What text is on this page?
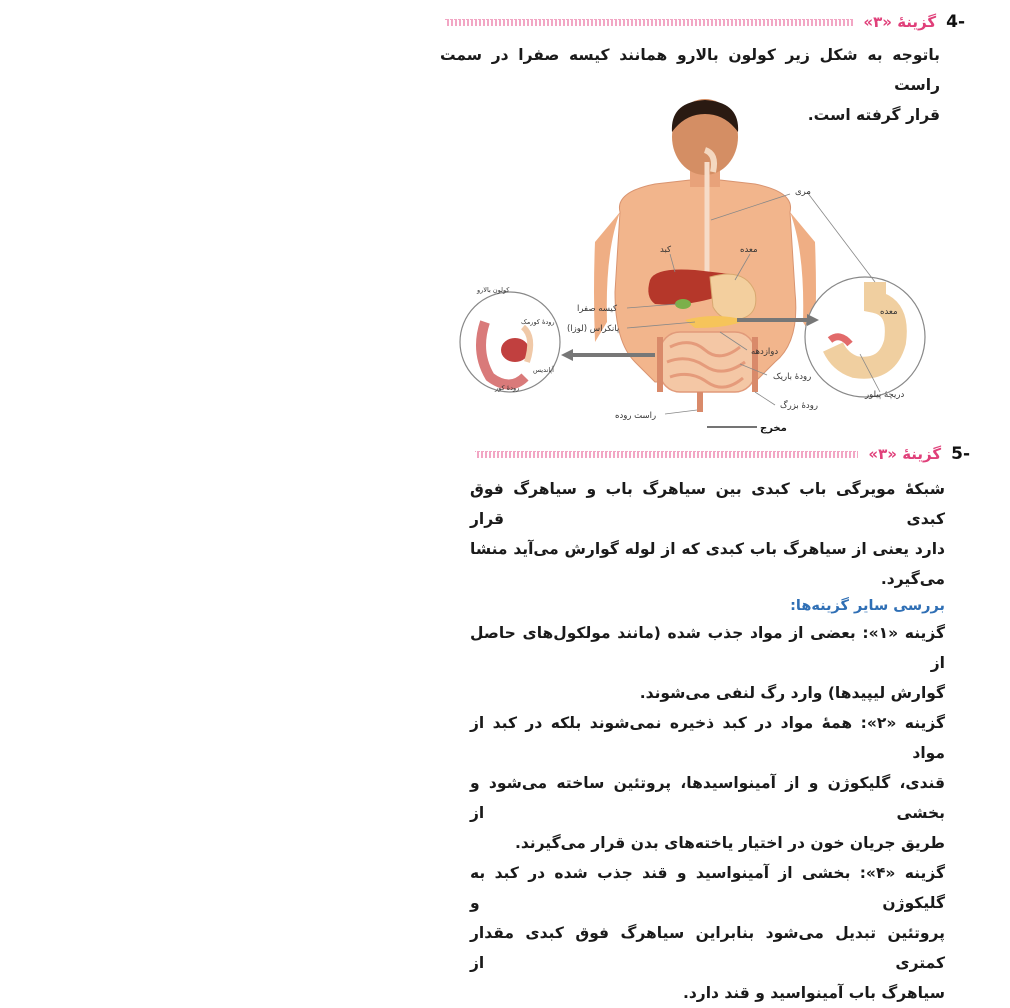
گزینهٔ «۳» 4-

باتوجه به شکل زیر کولون بالارو همانند کیسه صفرا در سمت راست

قرار گرفته است.

مری
کبد	معده
کیسه صفرا
پانکراس (لوزا)
دوازدهه
رودهٔ باریک
رودهٔ بزرگ
راست روده
مخرج
دریچهٔ پیلور
معده
کولون بالارو
رودهٔ کورمک
آپاندیس
رودهٔ کور
گزینهٔ «۳» 5-

شبکهٔ مویرگی باب کبدی بین سیاهرگ باب و سیاهرگ فوق کبدی قرار

دارد یعنی از سیاهرگ باب کبدی که از لوله گوارش می‌آید منشا

می‌گیرد.

بررسی سایر گزینه‌ها:

گزینه «۱»: بعضی از مواد جذب شده (مانند مولکول‌های حاصل از

گوارش لیپیدها) وارد رگ لنفی می‌شوند.

گزینه «۲»: همهٔ مواد در کبد ذخیره نمی‌شوند بلکه در کبد از مواد

قندی، گلیکوژن و از آمینواسیدها، پروتئین ساخته می‌شود و بخشی از

طریق جریان خون در اختیار یاخته‌های بدن قرار می‌گیرند.

گزینه «۴»: بخشی از آمینواسید و قند جذب شده در کبد به گلیکوژن و

پروتئین تبدیل می‌شود بنابراین سیاهرگ فوق کبدی مقدار کمتری از

سیاهرگ باب آمینواسید و قند دارد.
